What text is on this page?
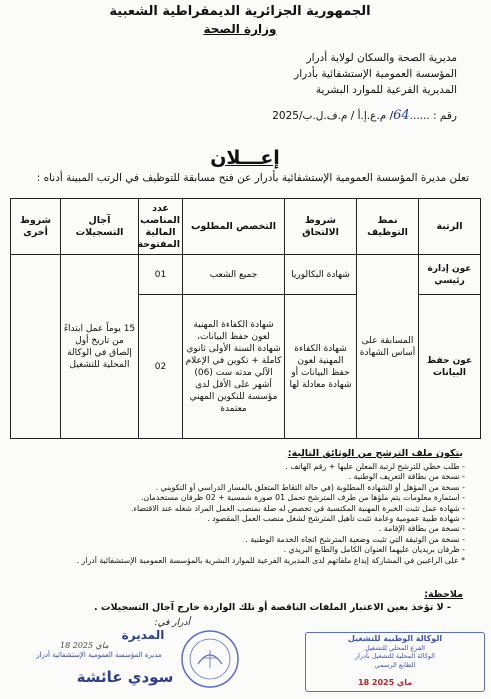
الجمهورية الجزائرية الديمقراطية الشعبية
وزارة الصحة
مديرية الصحة والسكان لولاية أدرار
المؤسسة العمومية الإستشفائية بأدرار
المديرية الفرعية للموارد البشرية
رقم : ......64/ م.ع.إ.أ / م.ف.ل.ب/2025
إعـــلان
تعلن مديرة المؤسسة العمومية الإستشفائية بأدرار عن فتح مسابقة للتوظيف في الرتب المبينة أدناه :
الرتبة	نمط التوظيف	شروط الالتحاق	التخصص المطلوب	عدد المناصب المالية المفتوحة	آجال التسجيلات	شروط أخرى
عون إدارة رئيسي	المسابقة على أساس الشهادة	شهادة البكالوريا	جميع الشعب	01	15 يوماً عمل ابتداءً من تاريخ أول إلصاق في الوكالة المحلية للتشغيل	
عون حفظ البيانات		شهادة الكفاءة المهنية لعون حفظ البيانات أو شهادة معادلة لها	شهادة الكفاءة المهنية لعون حفظ البيانات، شهادة السنة الأولى ثانوي كاملة + تكوين في الإعلام الآلي مدته ست (06) أشهر على الأقل لدى مؤسسة للتكوين المهني معتمدة	02		
يتكون ملف الترشح من الوثائق التالية:
- طلب خطي للترشح لرتبة المعلن عليها + رقم الهاتف .
- نسخة من بطاقة التعريف الوطنية .
- نسخة من المؤهل أو الشهادة المطلوبة (في حالة التقاط المتعلق بالمسار الدراسي أو التكويني .
- استمارة معلومات يتم ملؤها من طرف المترشح تحمل 01 صورة شمسية + 02 ظرفان مستخدمان.
- شهادة عمل تثبت الخبرة المهنية المكتسبة في تخصص له صلة بمنصب العمل المراد شغله عند الاقتضاء.
- شهادة طبية عمومية وعامة تثبت تأهيل المترشح لشغل منصب العمل المقصود .
- نسخة من بطاقة الإقامة .
- نسخة من الوثيقة التي تثبت وضعية المترشح اتجاه الخدمة الوطنية .
- ظرفان بريديان عليهما العنوان الكامل والطابع البريدي .
* على الراغبين في المشاركة إيداع ملفاتهم لدى المديرية الفرعية للموارد البشرية بالمؤسسة العمومية الإستشفائية أدرار .
ملاحظة:
- لا تؤخذ بعين الاعتبار الملفات الناقصة أو تلك الواردة خارج آجال التسجيلات .
أدرار في:
18 ماي 2025
المديرة
مديرة المؤسسة العمومية الإستشفائية أدرار
سودي عائشة
الوكالة الوطنية للتشغيل
الفرع المحلي للتشغيل
الوكالة المحلية للتشغيل بأدرار
الطابع الرسمي
18 ماي 2025
